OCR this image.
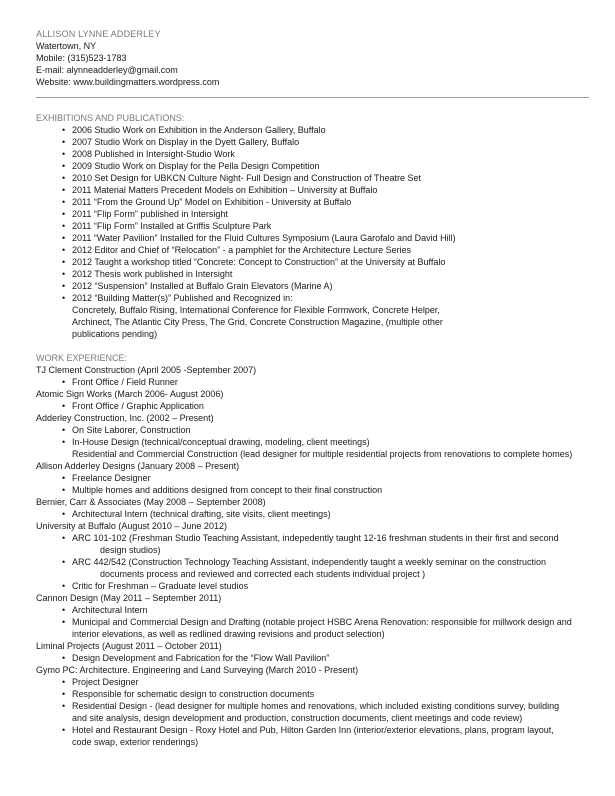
ALLISON LYNNE ADDERLEY
Watertown, NY
Mobile: (315)523-1783
E-mail: alynneadderley@gmail.com
Website: www.buildingmatters.wordpress.com
EXHIBITIONS AND PUBLICATIONS:
• 2006 Studio Work on Exhibition in the Anderson Gallery, Buffalo
• 2007 Studio Work on Display in the Dyett Gallery, Buffalo
• 2008 Published in Intersight-Studio Work
• 2009 Studio Work on Display for the Pella Design Competition
• 2010 Set Design for UBKCN Culture Night- Full Design and Construction of Theatre Set
• 2011 Material Matters Precedent Models on Exhibition – University at Buffalo
• 2011 “From the Ground Up” Model on Exhibition - University at Buffalo
• 2011 “Flip Form” published in Intersight
• 2011 “Flip Form” Installed at Griffis Sculpture Park
• 2011 “Water Pavilion” Installed for the Fluid Cultures Symposium (Laura Garofalo and David Hill)
• 2012 Editor and Chief of “Relocation” - a pamphlet for the Architecture Lecture Series
• 2012 Taught a workshop titled “Concrete: Concept to Construction” at the University at Buffalo
• 2012 Thesis work published in Intersight
• 2012 “Suspension” Installed at Buffalo Grain Elevators (Marine A)
• 2012 “Building Matter(s)” Published and Recognized in:
Concretely, Buffalo Rising, International Conference for Flexible Formwork, Concrete Helper,
Archinect, The Atlantic City Press, The Grid, Concrete Construction Magazine, (multiple other
publications pending)
WORK EXPERIENCE:
TJ Clement Construction (April 2005 -September 2007)
• Front Office / Field Runner
Atomic Sign Works (March 2006- August 2006)
• Front Office / Graphic Application
Adderley Construction, Inc. (2002 – Present)
• On Site Laborer, Construction
• In-House Design (technical/conceptual drawing, modeling, client meetings)
Residential and Commercial Construction (lead designer for multiple residential projects from renovations to complete homes)
Allison Adderley Designs (January 2008 – Present)
• Freelance Designer
• Multiple homes and additions designed from concept to their final construction
Bernier, Carr & Associates (May 2008 – September 2008)
• Architectural Intern (technical drafting, site visits, client meetings)
University at Buffalo (August 2010 – June 2012)
• ARC 101-102 (Freshman Studio Teaching Assistant, indepedently taught 12-16 freshman students in their first and second
design studios)
• ARC 442/542 (Construction Technology Teaching Assistant, independently taught a weekly seminar on the construction
documents process and reviewed and corrected each students individual project )
• Critic for Freshman – Graduate level studios
Cannon Design (May 2011 – September 2011)
• Architectural Intern
• Municipal and Commercial Design and Drafting (notable project HSBC Arena Renovation: responsible for millwork design and
interior elevations, as well as redlined drawing revisions and product selection)
Liminal Projects (August 2011 – October 2011)
• Design Development and Fabrication for the “Flow Wall Pavilion”
Gymo PC: Architecture. Engineering and Land Surveying (March 2010 - Present)
• Project Designer
• Responsible for schematic design to construction documents
• Residential Design - (lead designer for multiple homes and renovations, which included existing conditions survey, building
and site analysis, design development and production, construction documents, client meetings and code review)
• Hotel and Restaurant Design - Roxy Hotel and Pub, Hilton Garden Inn (interior/exterior elevations, plans, program layout,
code swap, exterior renderings)
